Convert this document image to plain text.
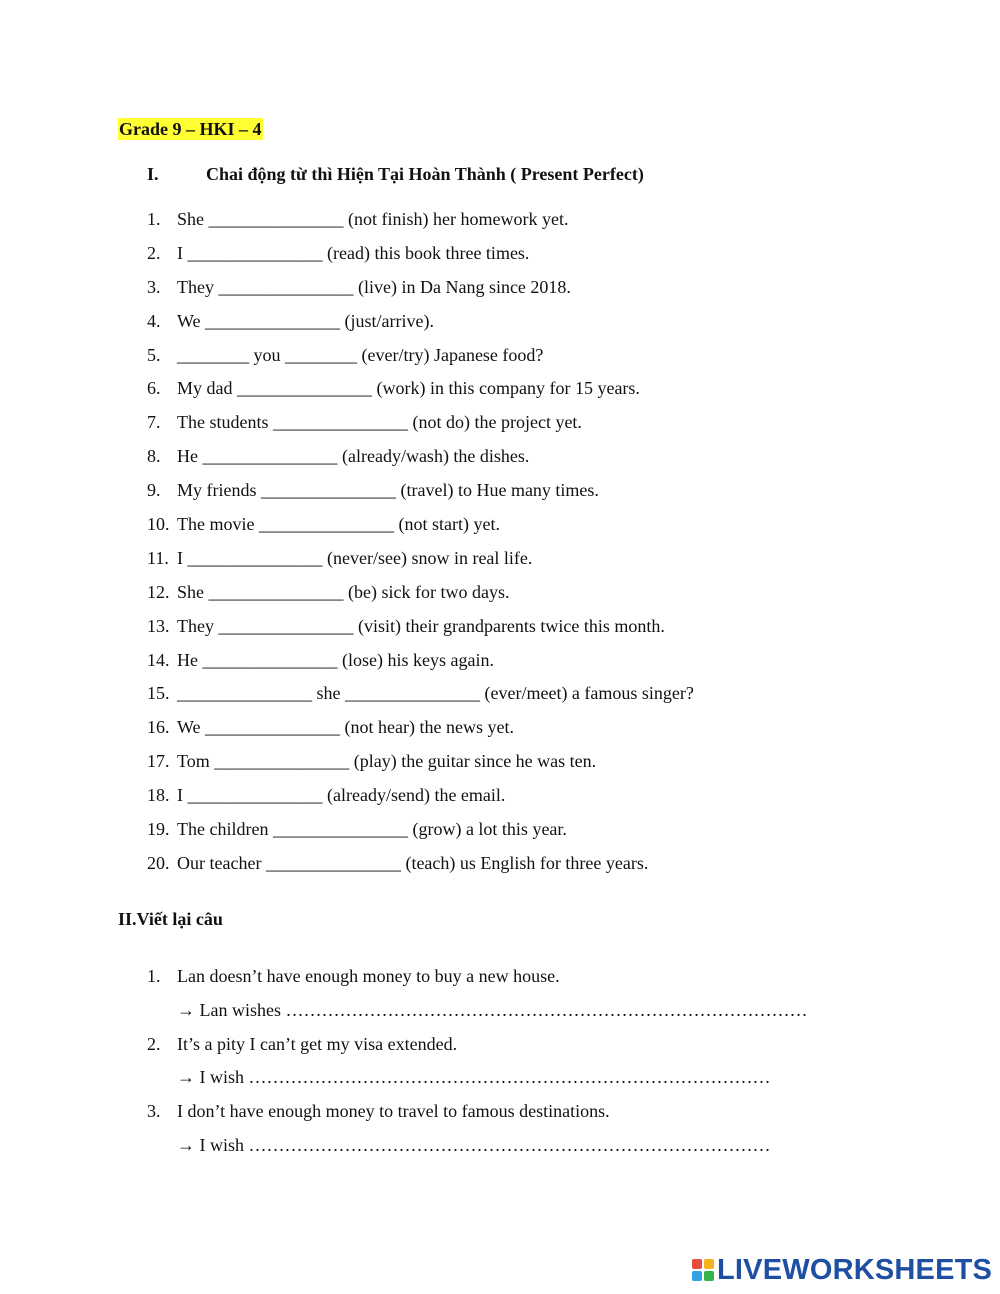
Grade 9 – HKI – 4
I.	Chai động từ thì Hiện Tại Hoàn Thành ( Present Perfect)
1. She _______________ (not finish) her homework yet.
2. I _______________ (read) this book three times.
3. They _______________ (live) in Da Nang since 2018.
4. We _______________ (just/arrive).
5. ________ you ________ (ever/try) Japanese food?
6. My dad _______________ (work) in this company for 15 years.
7. The students _______________ (not do) the project yet.
8. He _______________ (already/wash) the dishes.
9. My friends _______________ (travel) to Hue many times.
10. The movie _______________ (not start) yet.
11. I _______________ (never/see) snow in real life.
12. She _______________ (be) sick for two days.
13. They _______________ (visit) their grandparents twice this month.
14. He _______________ (lose) his keys again.
15. _______________ she _______________ (ever/meet) a famous singer?
16. We _______________ (not hear) the news yet.
17. Tom _______________ (play) the guitar since he was ten.
18. I _______________ (already/send) the email.
19. The children _______________ (grow) a lot this year.
20. Our teacher _______________ (teach) us English for three years.
II.Viết lại câu
1. Lan doesn’t have enough money to buy a new house.
→ Lan wishes ……………………………………………………………………………
2. It’s a pity I can’t get my visa extended.
→ I wish ……………………………………………………………………………
3. I don’t have enough money to travel to famous destinations.
→ I wish ……………………………………………………………………………
LIVEWORKSHEETS
